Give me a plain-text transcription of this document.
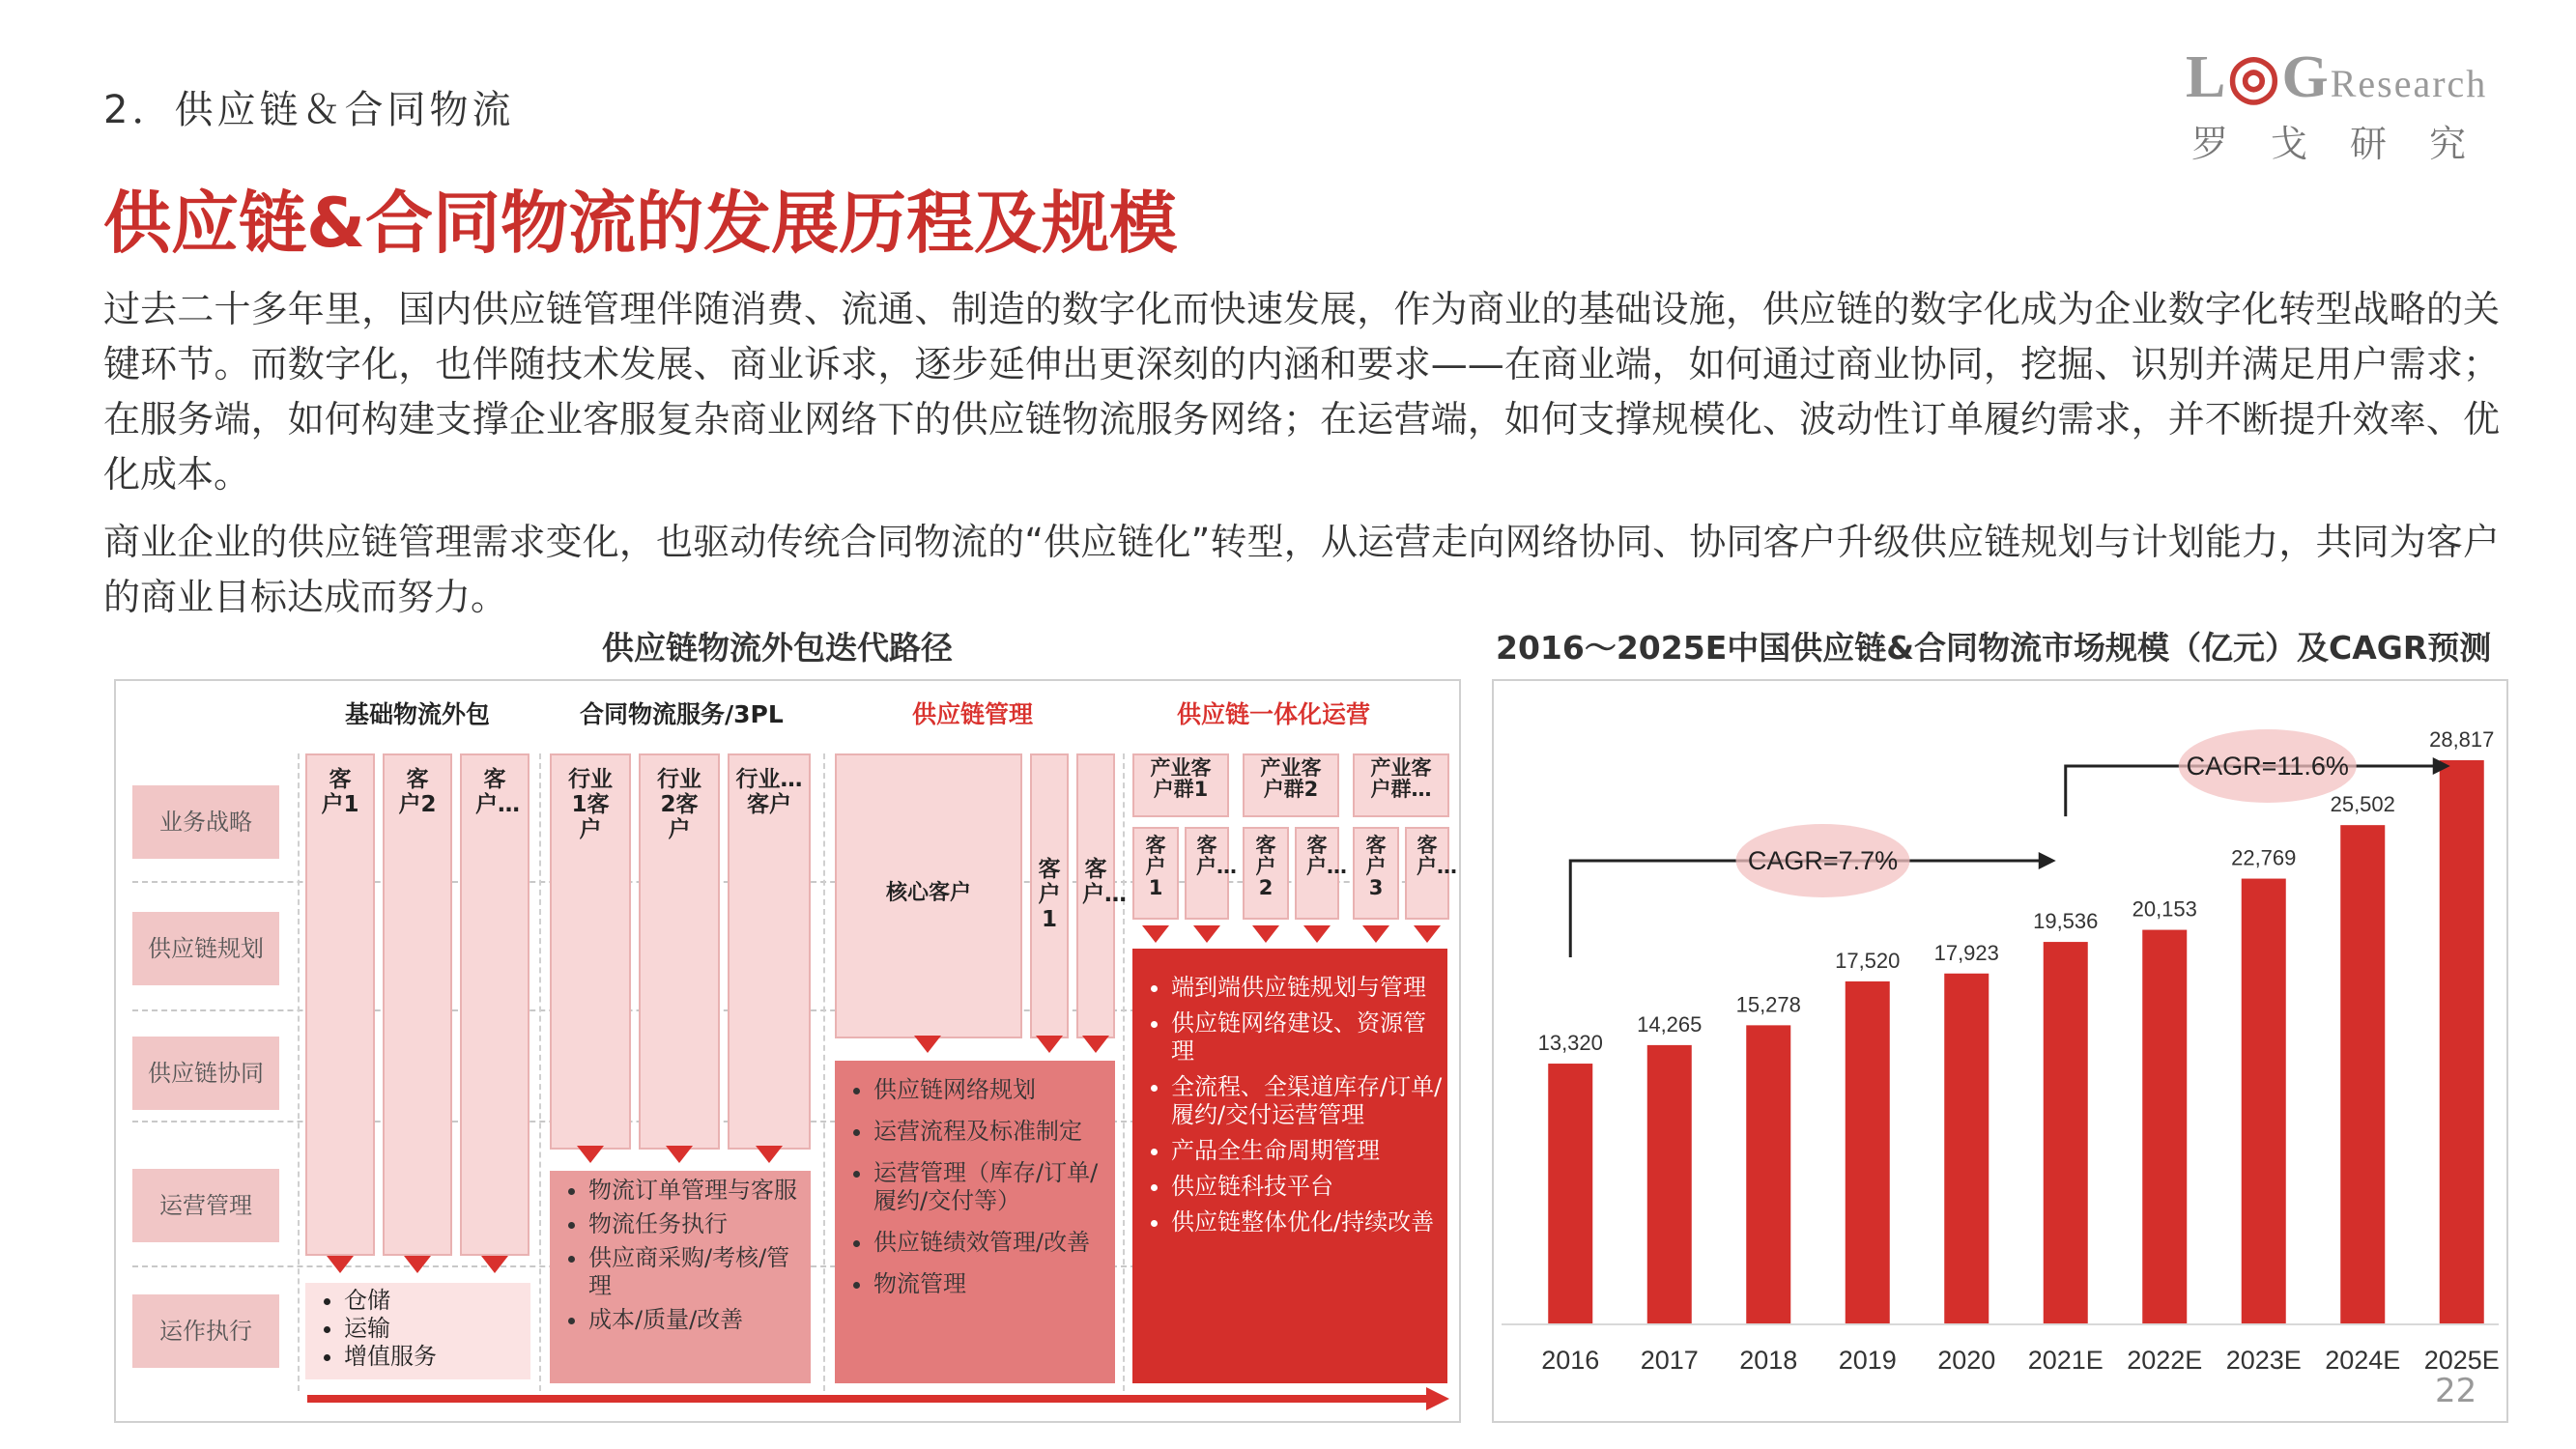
2．供应链＆合同物流	L◎GResearch
罗戈研究
供应链&合同物流的发展历程及规模
过去二十多年里，国内供应链管理伴随消费、流通、制造的数字化而快速发展，作为商业的基础设施，供应链的数字化成为企业数字化转型战略的关键环节。而数字化，也伴随技术发展、商业诉求，逐步延伸出更深刻的内涵和要求——在商业端，如何通过商业协同，挖掘、识别并满足用户需求；在服务端，如何构建支撑企业客服复杂商业网络下的供应链物流服务网络；在运营端，如何支撑规模化、波动性订单履约需求，并不断提升效率、优化成本。
商业企业的供应链管理需求变化，也驱动传统合同物流的“供应链化”转型，从运营走向网络协同、协同客户升级供应链规划与计划能力，共同为客户的商业目标达成而努力。
供应链物流外包迭代路径	2016～2025E中国供应链&合同物流市场规模（亿元）及CAGR预测
业务战略
供应链规划
供应链协同
运营管理
运作执行
基础物流外包	合同物流服务/3PL	供应链管理	供应链一体化运营
客户1
客户2
客户…
• 仓储
• 运输
• 增值服务
行业1客户
行业2客户
行业…客户
• 物流订单管理与客服
• 物流任务执行
• 供应商采购/考核/管理
• 成本/质量/改善
核心客户
客户1
客户…
• 供应链网络规划
• 运营流程及标准制定
• 运营管理（库存/订单/履约/交付等）
• 供应链绩效管理/改善
• 物流管理
产业客户群1
产业客户群2
产业客户群…
客户1
客户…
客户2
客户…
客户3
客户…
• 端到端供应链规划与管理
• 供应链网络建设、资源管理
• 全流程、全渠道库存/订单/履约/交付运营管理
• 产品全生命周期管理
• 供应链科技平台
• 供应链整体优化/持续改善
13,320
2016
14,265
2017
15,278
2018
17,520
2019
17,923
2020
19,536
2021E
20,153
2022E
22,769
2023E
25,502
2024E
28,817
2025E
CAGR=7.7%
CAGR=11.6%
22
